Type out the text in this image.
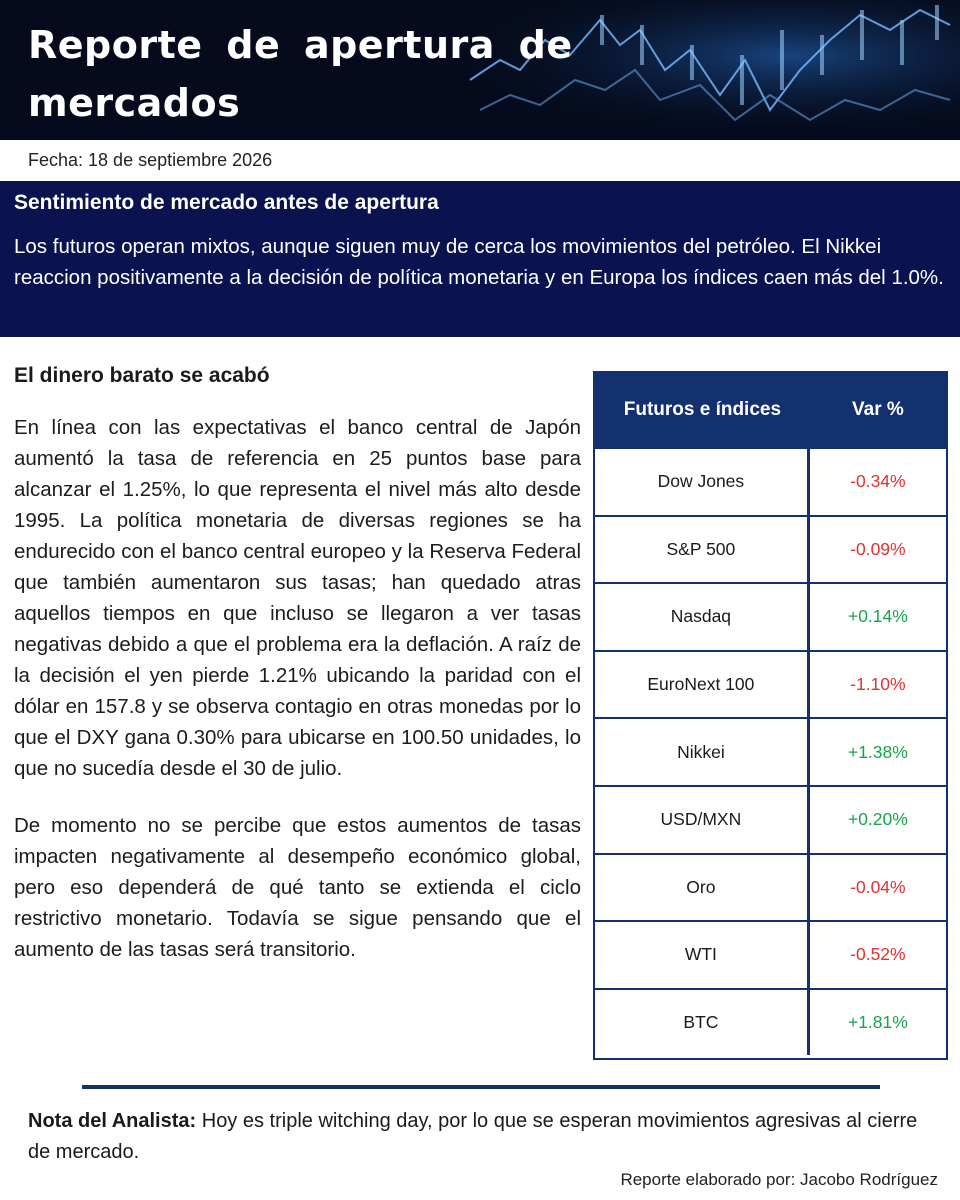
Reporte de apertura de mercados
Fecha: 18 de septiembre 2026
Sentimiento de mercado antes de apertura

Los futuros operan mixtos, aunque siguen muy de cerca los movimientos del petróleo. El Nikkei reaccion positivamente a la decisión de política monetaria y en Europa los índices caen más del 1.0%.

El dinero barato se acabó

En línea con las expectativas el banco central de Japón aumentó la tasa de referencia en 25 puntos base para alcanzar el 1.25%, lo que representa el nivel más alto desde 1995. La política monetaria de diversas regiones se ha endurecido con el banco central europeo y la Reserva Federal que también aumentaron sus tasas; han quedado atras aquellos tiempos en que incluso se llegaron a ver tasas negativas debido a que el problema era la deflación. A raíz de la decisión el yen pierde 1.21% ubicando la paridad con el dólar en 157.8 y se observa contagio en otras monedas por lo que el DXY gana 0.30% para ubicarse en 100.50 unidades, lo que no sucedía desde el 30 de julio.

De momento no se percibe que estos aumentos de tasas impacten negativamente al desempeño económico global, pero eso dependerá de qué tanto se extienda el ciclo restrictivo monetario. Todavía se sigue pensando que el aumento de las tasas será transitorio.

Futuros e índices	Var %
Dow Jones	-0.34%
S&P 500	-0.09%
Nasdaq	+0.14%
EuroNext 100	-1.10%
Nikkei	+1.38%
USD/MXN	+0.20%
Oro	-0.04%
WTI	-0.52%
BTC	+1.81%
Nota del Analista: Hoy es triple witching day, por lo que se esperan movimientos agresivas al cierre de mercado.
Reporte elaborado por: Jacobo Rodríguez
